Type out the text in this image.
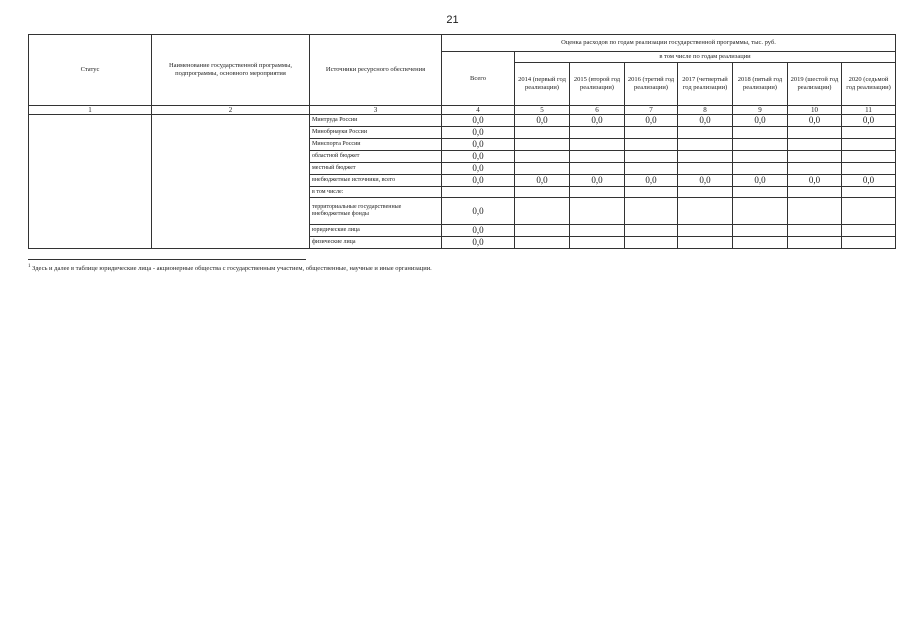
21
Статус	Наименование государственной программы, подпрограммы, основного мероприятия	Источники ресурсного обеспечения	Оценка расходов по годам реализации государственной программы, тыс. руб.							
			Всего	в том числе по годам реализации						
				2014 (первый год реализации)	2015 (второй год реализации)	2016 (третий год реализации)	2017 (четвертый год реализации)	2018 (пятый год реализации)	2019 (шестой год реализации)	2020 (седьмой год реализации)
1	2	3	4	5	6	7	8	9	10	11
		Минтруда России	0,0	0,0	0,0	0,0	0,0	0,0	0,0	0,0
		Минобрнауки России	0,0							
		Минспорта России	0,0							
		областной бюджет	0,0							
		местный бюджет	0,0							
		внебюджетные источники, всего	0,0	0,0	0,0	0,0	0,0	0,0	0,0	0,0
		в том числе:								
		территориальные государственные внебюджетные фонды	0,0							
		юридические лица	0,0							
		физические лица	0,0							
$^1$ Здесь и далее в таблице юридические лица - акционерные общества с государственным участием, общественные, научные и иные организации.
